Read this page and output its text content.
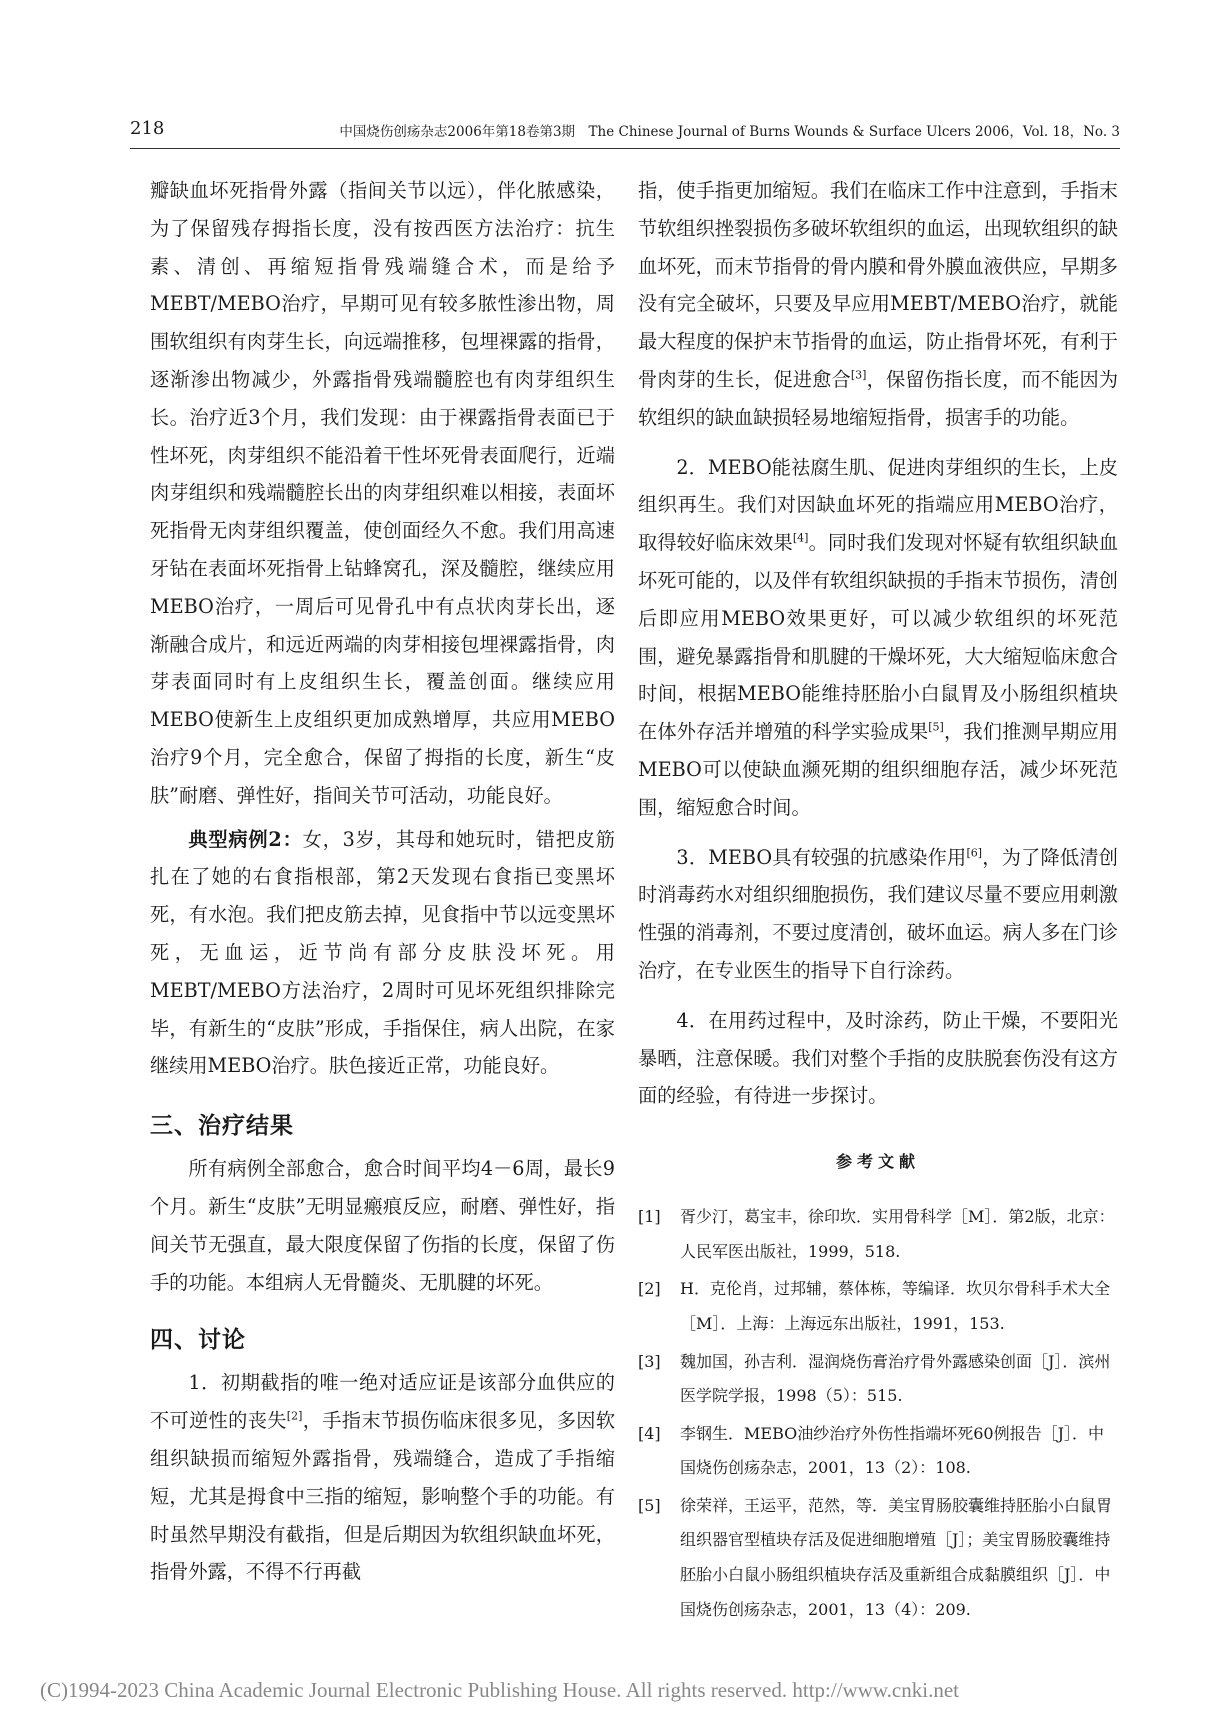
218	中国烧伤创疡杂志2006年第18卷第3期　The Chinese Journal of Burns Wounds & Surface Ulcers 2006，Vol. 18，No. 3

瓣缺血坏死指骨外露（指间关节以远），伴化脓感染，为了保留残存拇指长度，没有按西医方法治疗：抗生素、清创、再缩短指骨残端缝合术，而是给予MEBT/MEBO治疗，早期可见有较多脓性渗出物，周围软组织有肉芽生长，向远端推移，包埋裸露的指骨，逐渐渗出物减少，外露指骨残端髓腔也有肉芽组织生长。治疗近3个月，我们发现：由于裸露指骨表面已于性坏死，肉芽组织不能沿着干性坏死骨表面爬行，近端肉芽组织和残端髓腔长出的肉芽组织难以相接，表面坏死指骨无肉芽组织覆盖，使创面经久不愈。我们用高速牙钻在表面坏死指骨上钻蜂窝孔，深及髓腔，继续应用MEBO治疗，一周后可见骨孔中有点状肉芽长出，逐渐融合成片，和远近两端的肉芽相接包埋裸露指骨，肉芽表面同时有上皮组织生长，覆盖创面。继续应用MEBO使新生上皮组织更加成熟增厚，共应用MEBO治疗9个月，完全愈合，保留了拇指的长度，新生“皮肤”耐磨、弹性好，指间关节可活动，功能良好。

典型病例2：女，3岁，其母和她玩时，错把皮筋扎在了她的右食指根部，第2天发现右食指已变黑坏死，有水泡。我们把皮筋去掉，见食指中节以远变黑坏死，无血运，近节尚有部分皮肤没坏死。用MEBT/MEBO方法治疗，2周时可见坏死组织排除完毕，有新生的“皮肤”形成，手指保住，病人出院，在家继续用MEBO治疗。肤色接近正常，功能良好。

三、治疗结果

所有病例全部愈合，愈合时间平均4－6周，最长9个月。新生“皮肤”无明显瘢痕反应，耐磨、弹性好，指间关节无强直，最大限度保留了伤指的长度，保留了伤手的功能。本组病人无骨髓炎、无肌腱的坏死。

四、讨论

1．初期截指的唯一绝对适应证是该部分血供应的不可逆性的丧失[2]，手指末节损伤临床很多见，多因软组织缺损而缩短外露指骨，残端缝合，造成了手指缩短，尤其是拇食中三指的缩短，影响整个手的功能。有时虽然早期没有截指，但是后期因为软组织缺血坏死，指骨外露，不得不行再截

指，使手指更加缩短。我们在临床工作中注意到，手指末节软组织挫裂损伤多破坏软组织的血运，出现软组织的缺血坏死，而末节指骨的骨内膜和骨外膜血液供应，早期多没有完全破坏，只要及早应用MEBT/MEBO治疗，就能最大程度的保护末节指骨的血运，防止指骨坏死，有利于骨肉芽的生长，促进愈合[3]，保留伤指长度，而不能因为软组织的缺血缺损轻易地缩短指骨，损害手的功能。

2．MEBO能祛腐生肌、促进肉芽组织的生长，上皮组织再生。我们对因缺血坏死的指端应用MEBO治疗，取得较好临床效果[4]。同时我们发现对怀疑有软组织缺血坏死可能的，以及伴有软组织缺损的手指末节损伤，清创后即应用MEBO效果更好，可以减少软组织的坏死范围，避免暴露指骨和肌腱的干燥坏死，大大缩短临床愈合时间，根据MEBO能维持胚胎小白鼠胃及小肠组织植块在体外存活并增殖的科学实验成果[5]，我们推测早期应用MEBO可以使缺血濒死期的组织细胞存活，减少坏死范围，缩短愈合时间。

3．MEBO具有较强的抗感染作用[6]，为了降低清创时消毒药水对组织细胞损伤，我们建议尽量不要应用刺激性强的消毒剂，不要过度清创，破坏血运。病人多在门诊治疗，在专业医生的指导下自行涂药。

4．在用药过程中，及时涂药，防止干燥，不要阳光暴晒，注意保暖。我们对整个手指的皮肤脱套伤没有这方面的经验，有待进一步探讨。

参考文献
[1] 胥少汀，葛宝丰，徐印坎．实用骨科学［M］．第2版，北京：人民军医出版社，1999，518.
[2] H．克伦肖，过邦辅，蔡体栋，等编译．坎贝尔骨科手术大全［M］．上海：上海远东出版社，1991，153.
[3] 魏加国，孙吉利．湿润烧伤膏治疗骨外露感染创面［J］．滨州医学院学报，1998（5）：515.
[4] 李钢生．MEBO油纱治疗外伤性指端坏死60例报告［J］．中国烧伤创疡杂志，2001，13（2）：108.
[5] 徐荣祥，王运平，范然，等．美宝胃肠胶囊维持胚胎小白鼠胃组织器官型植块存活及促进细胞增殖［J］；美宝胃肠胶囊维持胚胎小白鼠小肠组织植块存活及重新组合成黏膜组织［J］．中国烧伤创疡杂志，2001，13（4）：209.
(C)1994-2023 China Academic Journal Electronic Publishing House. All rights reserved. http://www.cnki.net
